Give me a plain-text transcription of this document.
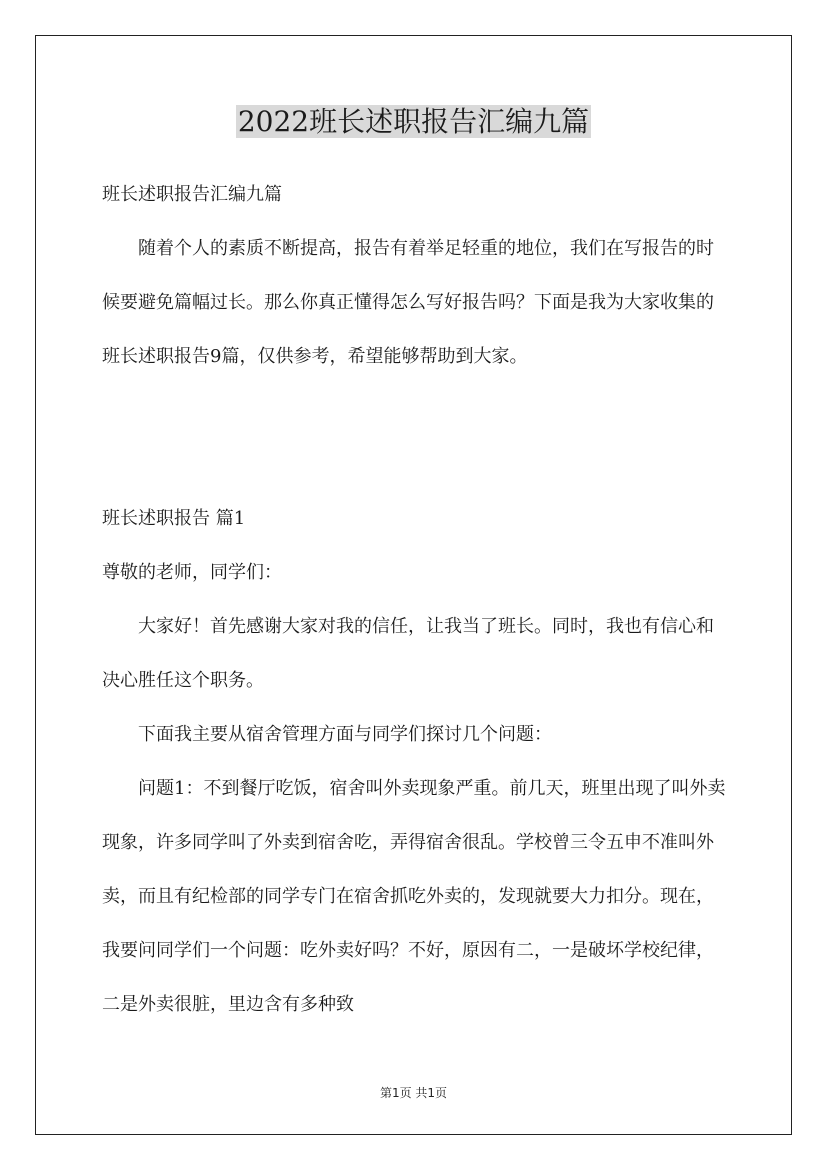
2022班长述职报告汇编九篇

班长述职报告汇编九篇

随着个人的素质不断提高，报告有着举足轻重的地位，我们在写报告的时候要避免篇幅过长。那么你真正懂得怎么写好报告吗？下面是我为大家收集的班长述职报告9篇，仅供参考，希望能够帮助到大家。

班长述职报告 篇1

尊敬的老师，同学们：

大家好！首先感谢大家对我的信任，让我当了班长。同时，我也有信心和决心胜任这个职务。

下面我主要从宿舍管理方面与同学们探讨几个问题：

问题1：不到餐厅吃饭，宿舍叫外卖现象严重。前几天，班里出现了叫外卖现象，许多同学叫了外卖到宿舍吃，弄得宿舍很乱。学校曾三令五申不准叫外卖，而且有纪检部的同学专门在宿舍抓吃外卖的，发现就要大力扣分。现在，我要问同学们一个问题：吃外卖好吗？不好，原因有二，一是破坏学校纪律，二是外卖很脏，里边含有多种致

第1页 共1页
